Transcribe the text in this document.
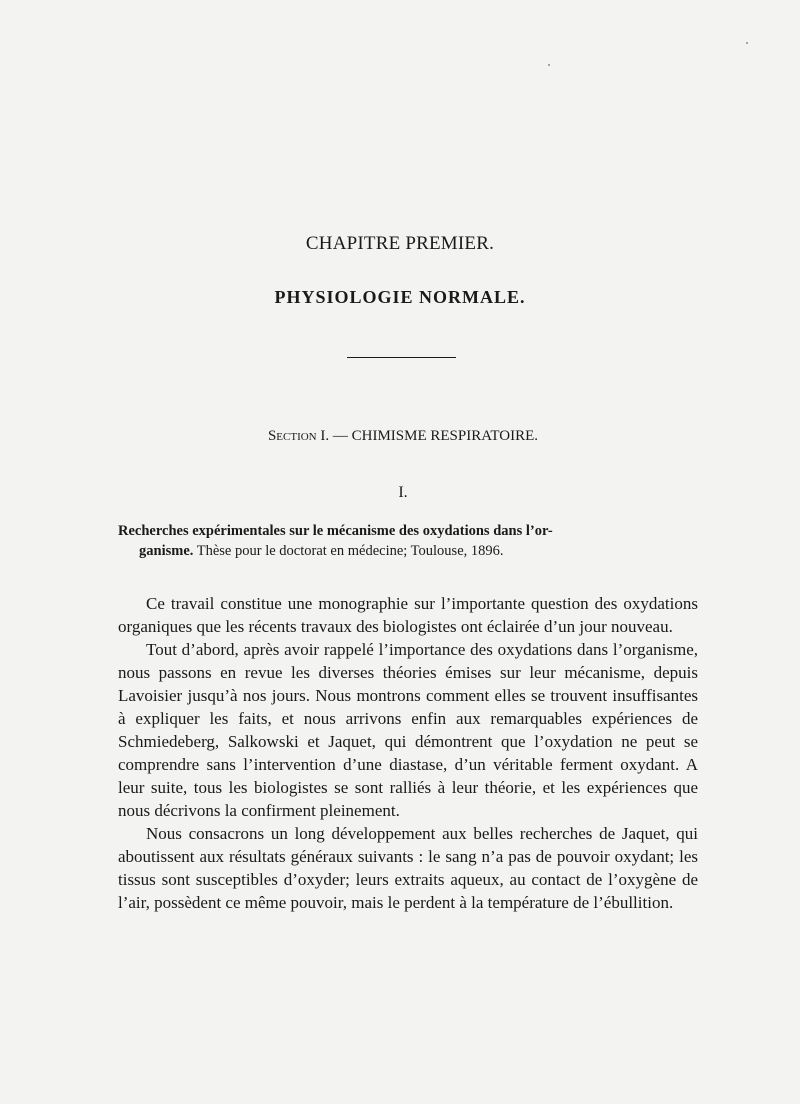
CHAPITRE PREMIER.
PHYSIOLOGIE NORMALE.
Section I. — CHIMISME RESPIRATOIRE.
I.
Recherches expérimentales sur le mécanisme des oxydations dans l’or-
ganisme. Thèse pour le doctorat en médecine; Toulouse, 1896.

Ce travail constitue une monographie sur l’importante question des oxydations organiques que les récents travaux des biologistes ont éclairée d’un jour nouveau.

Tout d’abord, après avoir rappelé l’importance des oxydations dans l’organisme, nous passons en revue les diverses théories émises sur leur mécanisme, depuis Lavoisier jusqu’à nos jours. Nous montrons comment elles se trouvent insuffisantes à expliquer les faits, et nous arrivons enfin aux remarquables expériences de Schmiedeberg, Salkowski et Jaquet, qui démontrent que l’oxydation ne peut se comprendre sans l’intervention d’une diastase, d’un véritable ferment oxydant. A leur suite, tous les biologistes se sont ralliés à leur théorie, et les expériences que nous décrivons la confirment pleinement.

Nous consacrons un long développement aux belles recherches de Jaquet, qui aboutissent aux résultats généraux suivants : le sang n’a pas de pouvoir oxydant; les tissus sont susceptibles d’oxyder; leurs extraits aqueux, au contact de l’oxygène de l’air, possèdent ce même pouvoir, mais le perdent à la température de l’ébullition.
